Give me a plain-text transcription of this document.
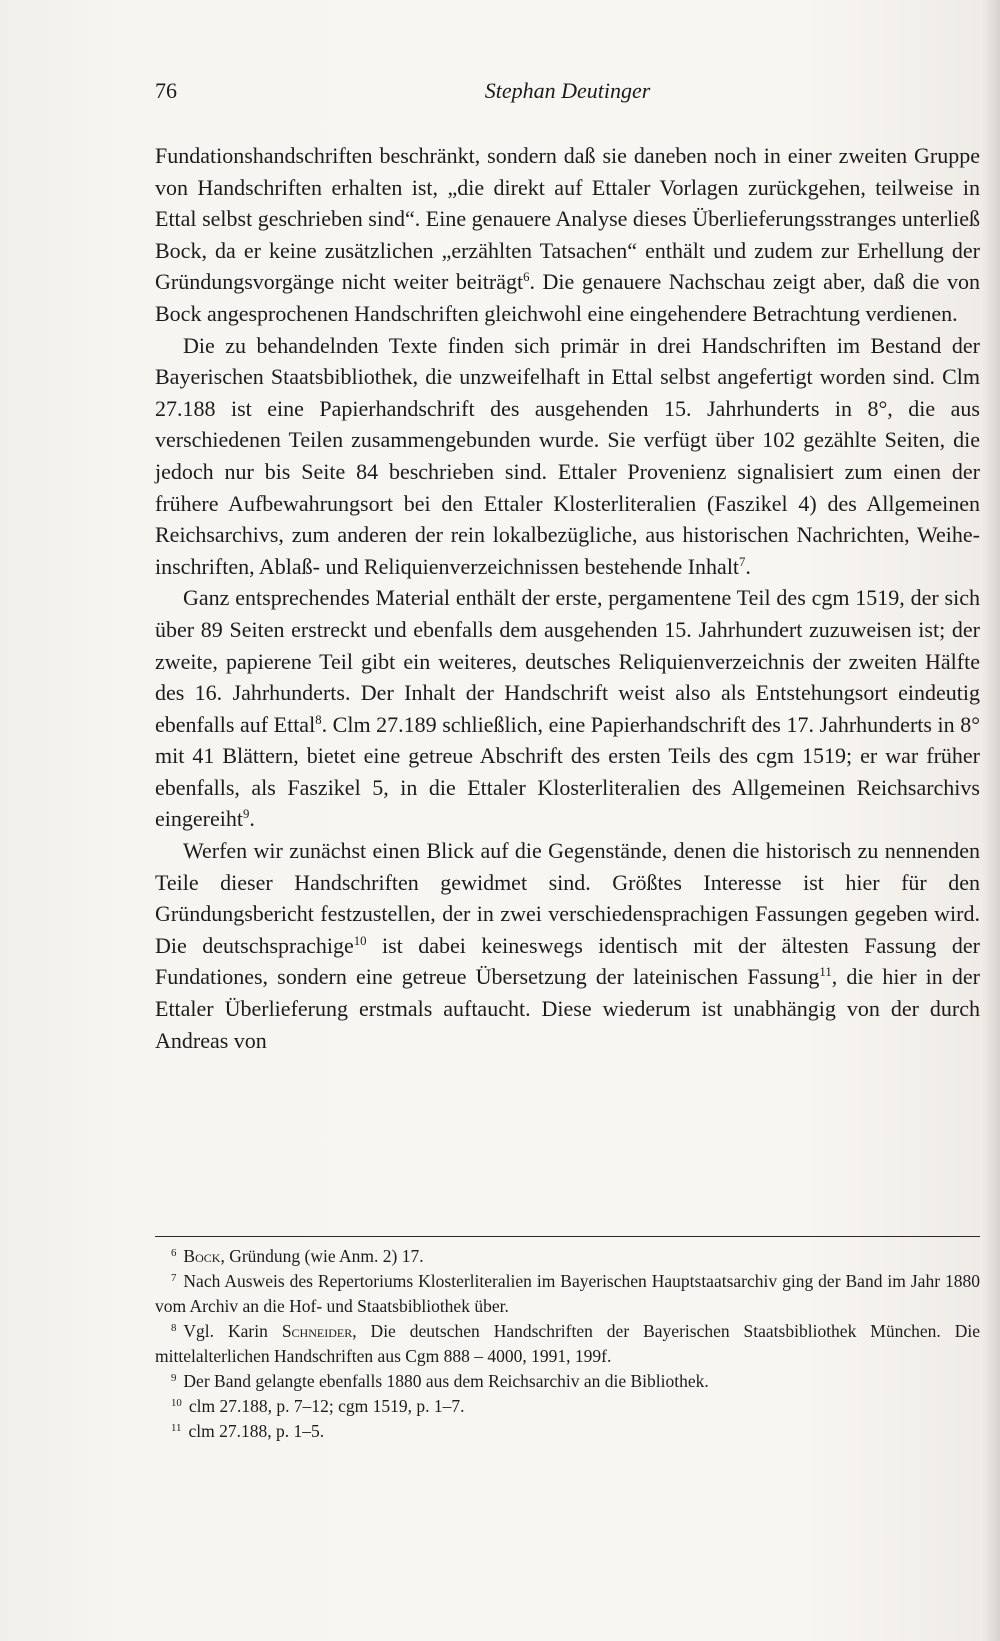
76	Stephan Deutinger

Fundationshandschriften beschränkt, sondern daß sie daneben noch in einer zweiten Gruppe von Handschriften erhalten ist, „die direkt auf Ettaler Vorlagen zurückgehen, teilweise in Ettal selbst geschrieben sind“. Eine genauere Analyse dieses Überlieferungsstranges unterließ Bock, da er keine zusätzlichen „erzählten Tatsachen“ enthält und zudem zur Erhellung der Gründungsvorgänge nicht weiter beiträgt$^6$. Die genauere Nachschau zeigt aber, daß die von Bock angesprochenen Handschriften gleichwohl eine eingehendere Betrachtung verdienen.

Die zu behandelnden Texte finden sich primär in drei Handschriften im Bestand der Bayerischen Staatsbibliothek, die unzweifelhaft in Ettal selbst angefertigt worden sind. Clm 27.188 ist eine Papierhandschrift des ausgehenden 15. Jahrhunderts in 8°, die aus verschiedenen Teilen zusammengebunden wurde. Sie verfügt über 102 gezählte Seiten, die jedoch nur bis Seite 84 beschrieben sind. Ettaler Provenienz signalisiert zum einen der frühere Aufbewahrungsort bei den Ettaler Klosterliteralien (Faszikel 4) des Allgemeinen Reichsarchivs, zum anderen der rein lokalbezügliche, aus historischen Nachrichten, Weiheinschriften, Ablaß- und Reliquienverzeichnissen bestehende Inhalt$^7$.

Ganz entsprechendes Material enthält der erste, pergamentene Teil des cgm 1519, der sich über 89 Seiten erstreckt und ebenfalls dem ausgehenden 15. Jahrhundert zuzuweisen ist; der zweite, papierene Teil gibt ein weiteres, deutsches Reliquienverzeichnis der zweiten Hälfte des 16. Jahrhunderts. Der Inhalt der Handschrift weist also als Entstehungsort eindeutig ebenfalls auf Ettal$^8$. Clm 27.189 schließlich, eine Papierhandschrift des 17. Jahrhunderts in 8° mit 41 Blättern, bietet eine getreue Abschrift des ersten Teils des cgm 1519; er war früher ebenfalls, als Faszikel 5, in die Ettaler Klosterliteralien des Allgemeinen Reichsarchivs eingereiht$^9$.

Werfen wir zunächst einen Blick auf die Gegenstände, denen die historisch zu nennenden Teile dieser Handschriften gewidmet sind. Größtes Interesse ist hier für den Gründungsbericht festzustellen, der in zwei verschiedensprachigen Fassungen gegeben wird. Die deutschsprachige$^{10}$ ist dabei keineswegs identisch mit der ältesten Fassung der Fundationes, sondern eine getreue Übersetzung der lateinischen Fassung$^{11}$, die hier in der Ettaler Überlieferung erstmals auftaucht. Diese wiederum ist unabhängig von der durch Andreas von

$^6$ Bock, Gründung (wie Anm. 2) 17.

$^7$ Nach Ausweis des Repertoriums Klosterliteralien im Bayerischen Hauptstaatsarchiv ging der Band im Jahr 1880 vom Archiv an die Hof- und Staatsbibliothek über.

$^8$ Vgl. Karin Schneider, Die deutschen Handschriften der Bayerischen Staatsbibliothek München. Die mittelalterlichen Handschriften aus Cgm 888 – 4000, 1991, 199f.

$^9$ Der Band gelangte ebenfalls 1880 aus dem Reichsarchiv an die Bibliothek.

$^{10}$ clm 27.188, p. 7–12; cgm 1519, p. 1–7.

$^{11}$ clm 27.188, p. 1–5.
